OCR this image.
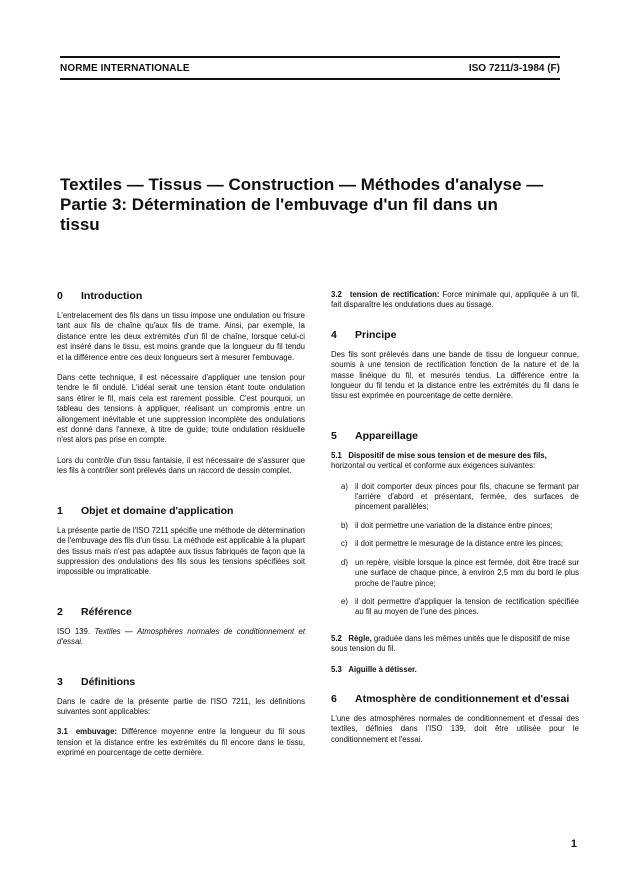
NORME INTERNATIONALE	ISO 7211/3-1984 (F)
Textiles — Tissus — Construction — Méthodes d'analyse —
Partie 3: Détermination de l'embuvage d'un fil dans un
tissu
0 Introduction

L'entrelacement des fils dans un tissu impose une ondulation ou frisure tant aux fils de chaîne qu'aux fils de trame. Ainsi, par exemple, la distance entre les deux extrémités d'un fil de chaîne, lorsque celui-ci est inséré dans le tissu, est moins grande que la longueur du fil tendu et la différence entre ces deux longueurs sert à mesurer l'embuvage.

Dans cette technique, il est nécessaire d'appliquer une tension pour tendre le fil ondulé. L'idéal serait une tension étant toute ondulation sans étirer le fil, mais cela est rarement possible. C'est pourquoi, un tableau des tensions à appliquer, réalisant un compromis entre un allongement inévitable et une suppression incomplète des ondulations est donné dans l'annexe, à titre de guide; toute ondulation résiduelle n'est alors pas prise en compte.

Lors du contrôle d'un tissu fantaisie, il est nécessaire de s'assurer que les fils à contrôler sont prélevés dans un raccord de dessin complet.

1 Objet et domaine d'application

La présente partie de l'ISO 7211 spécifie une méthode de détermination de l'embuvage des fils d'un tissu. La méthode est applicable à la plupart des tissus mais n'est pas adaptée aux tissus fabriqués de façon que la suppression des ondulations des fils sous les tensions spécifiées soit impossible ou impraticable.

2 Référence

ISO 139. Textiles — Atmosphères normales de conditionnement et d'essai.

3 Définitions

Dans le cadre de la présente partie de l'ISO 7211, les définitions suivantes sont applicables:

3.1 embuvage: Différence moyenne entre la longueur du fil sous tension et la distance entre les extrémités du fil encore dans le tissu, exprimé en pourcentage de cette dernière.

3.2 tension de rectification: Force minimale qui, appliquée à un fil, fait disparaître les ondulations dues au tissage.

4 Principe

Des fils sont prélevés dans une bande de tissu de longueur connue, soumis à une tension de rectification fonction de la nature et de la masse linéique du fil, et mesurés tendus. La différence entre la longueur du fil tendu et la distance entre les extrémités du fil dans le tissu est exprimée en pourcentage de cette dernière.

5 Appareillage

5.1 Dispositif de mise sous tension et de mesure des fils, horizontal ou vertical et conforme aux exigences suivantes:

a) il doit comporter deux pinces pour fils, chacune se fermant par l'arrière d'abord et présentant, fermée, des surfaces de pincement parallèles;
b) il doit permettre une variation de la distance entre pinces;
c) il doit permettre le mesurage de la distance entre les pinces;
d) un repère, visible lorsque la pince est fermée, doit être tracé sur une surface de chaque pince, à environ 2,5 mm du bord le plus proche de l'autre pince;
e) il doit permettre d'appliquer la tension de rectification spécifiée au fil au moyen de l'une des pinces.

5.2 Règle, graduée dans les mêmes unités que le dispositif de mise sous tension du fil.

5.3 Aiguille à détisser.

6 Atmosphère de conditionnement et d'essai

L'une des atmosphères normales de conditionnement et d'essai des textiles, définies dans l'ISO 139, doit être utilisée pour le conditionnement et l'essai.

1
